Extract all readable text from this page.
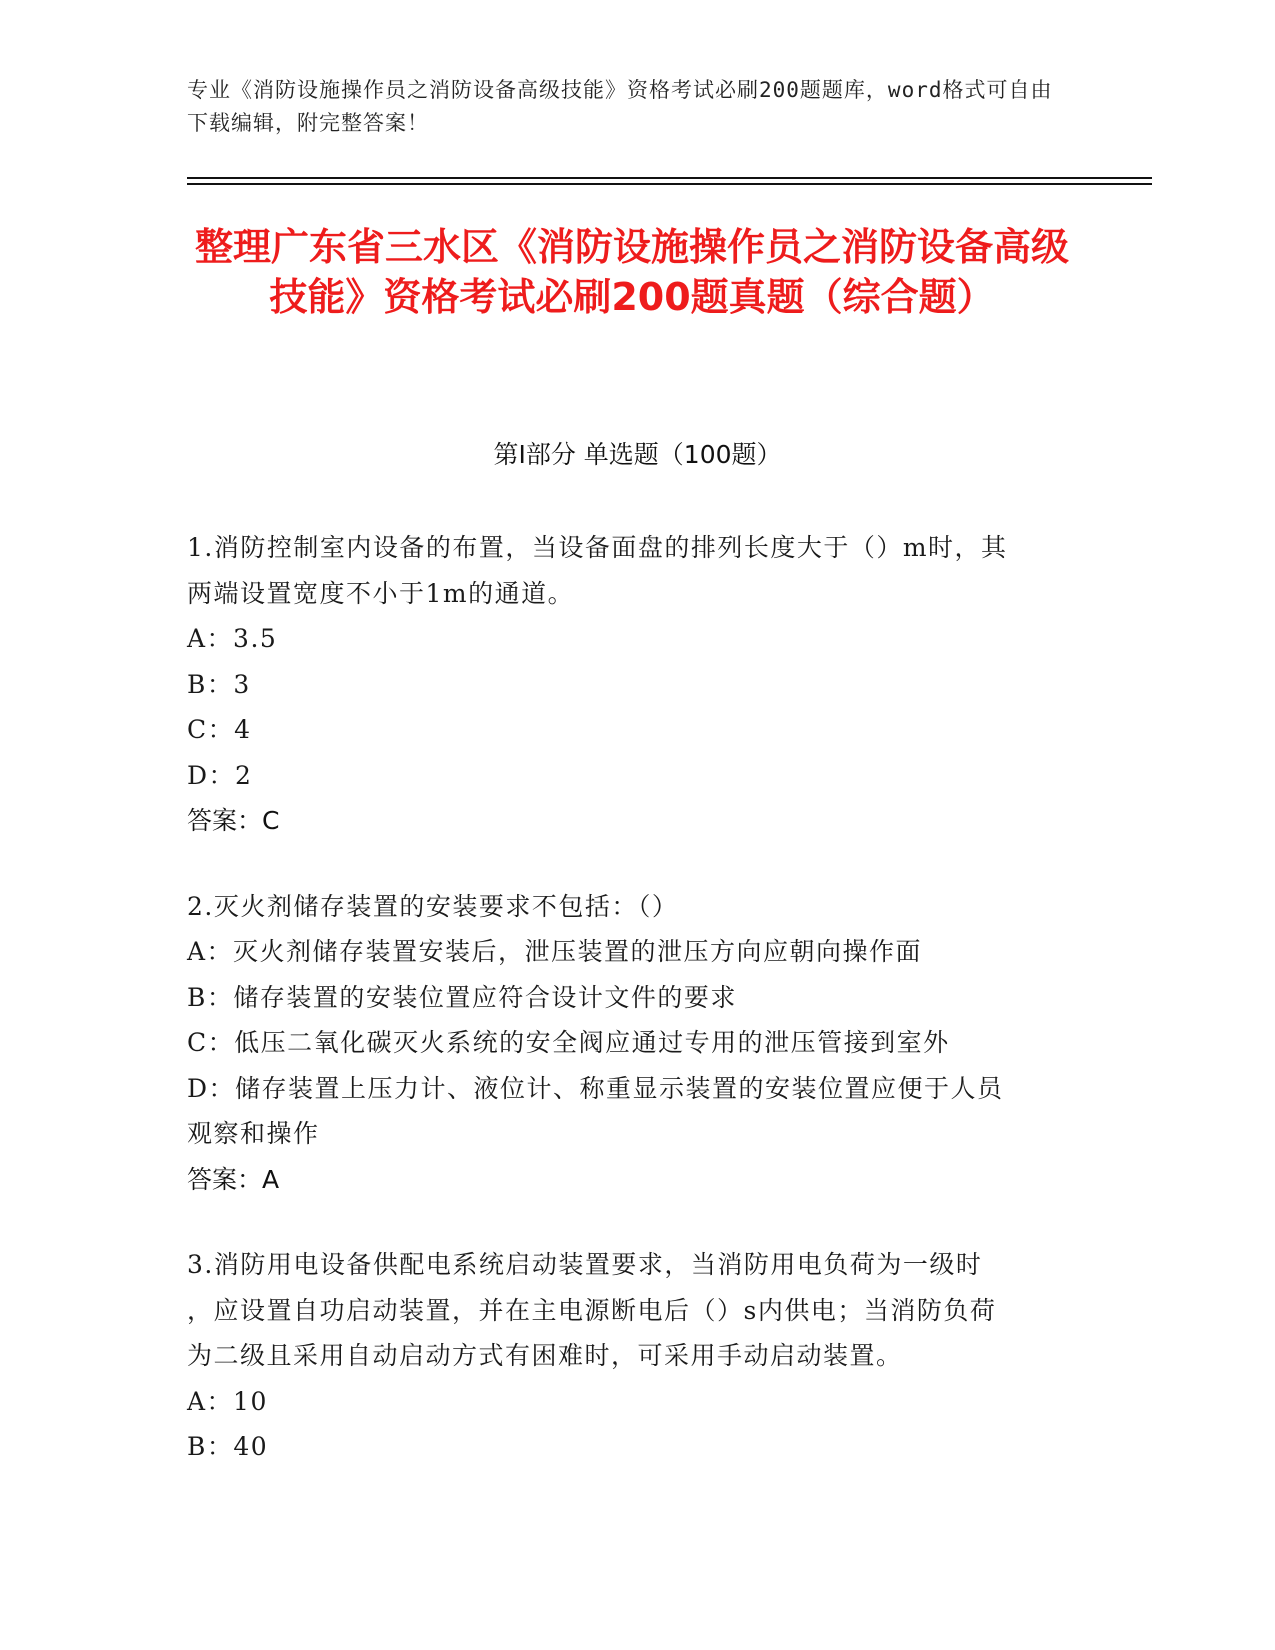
专业《消防设施操作员之消防设备高级技能》资格考试必刷200题题库，word格式可自由下载编辑，附完整答案！
整理广东省三水区《消防设施操作员之消防设备高级技能》资格考试必刷200题真题（综合题）
第Ⅰ部分 单选题（100题）

1.消防控制室内设备的布置，当设备面盘的排列长度大于（）m时，其

两端设置宽度不小于1m的通道。

A：3.5

B：3

C：4

D：2

答案：C

2.灭火剂储存装置的安装要求不包括：（）

A：灭火剂储存装置安装后，泄压装置的泄压方向应朝向操作面

B：储存装置的安装位置应符合设计文件的要求

C：低压二氧化碳灭火系统的安全阀应通过专用的泄压管接到室外

D：储存装置上压力计、液位计、称重显示装置的安装位置应便于人员

观察和操作

答案：A

3.消防用电设备供配电系统启动装置要求，当消防用电负荷为一级时

，应设置自功启动装置，并在主电源断电后（）s内供电；当消防负荷

为二级且采用自动启动方式有困难时，可采用手动启动装置。

A：10

B：40
